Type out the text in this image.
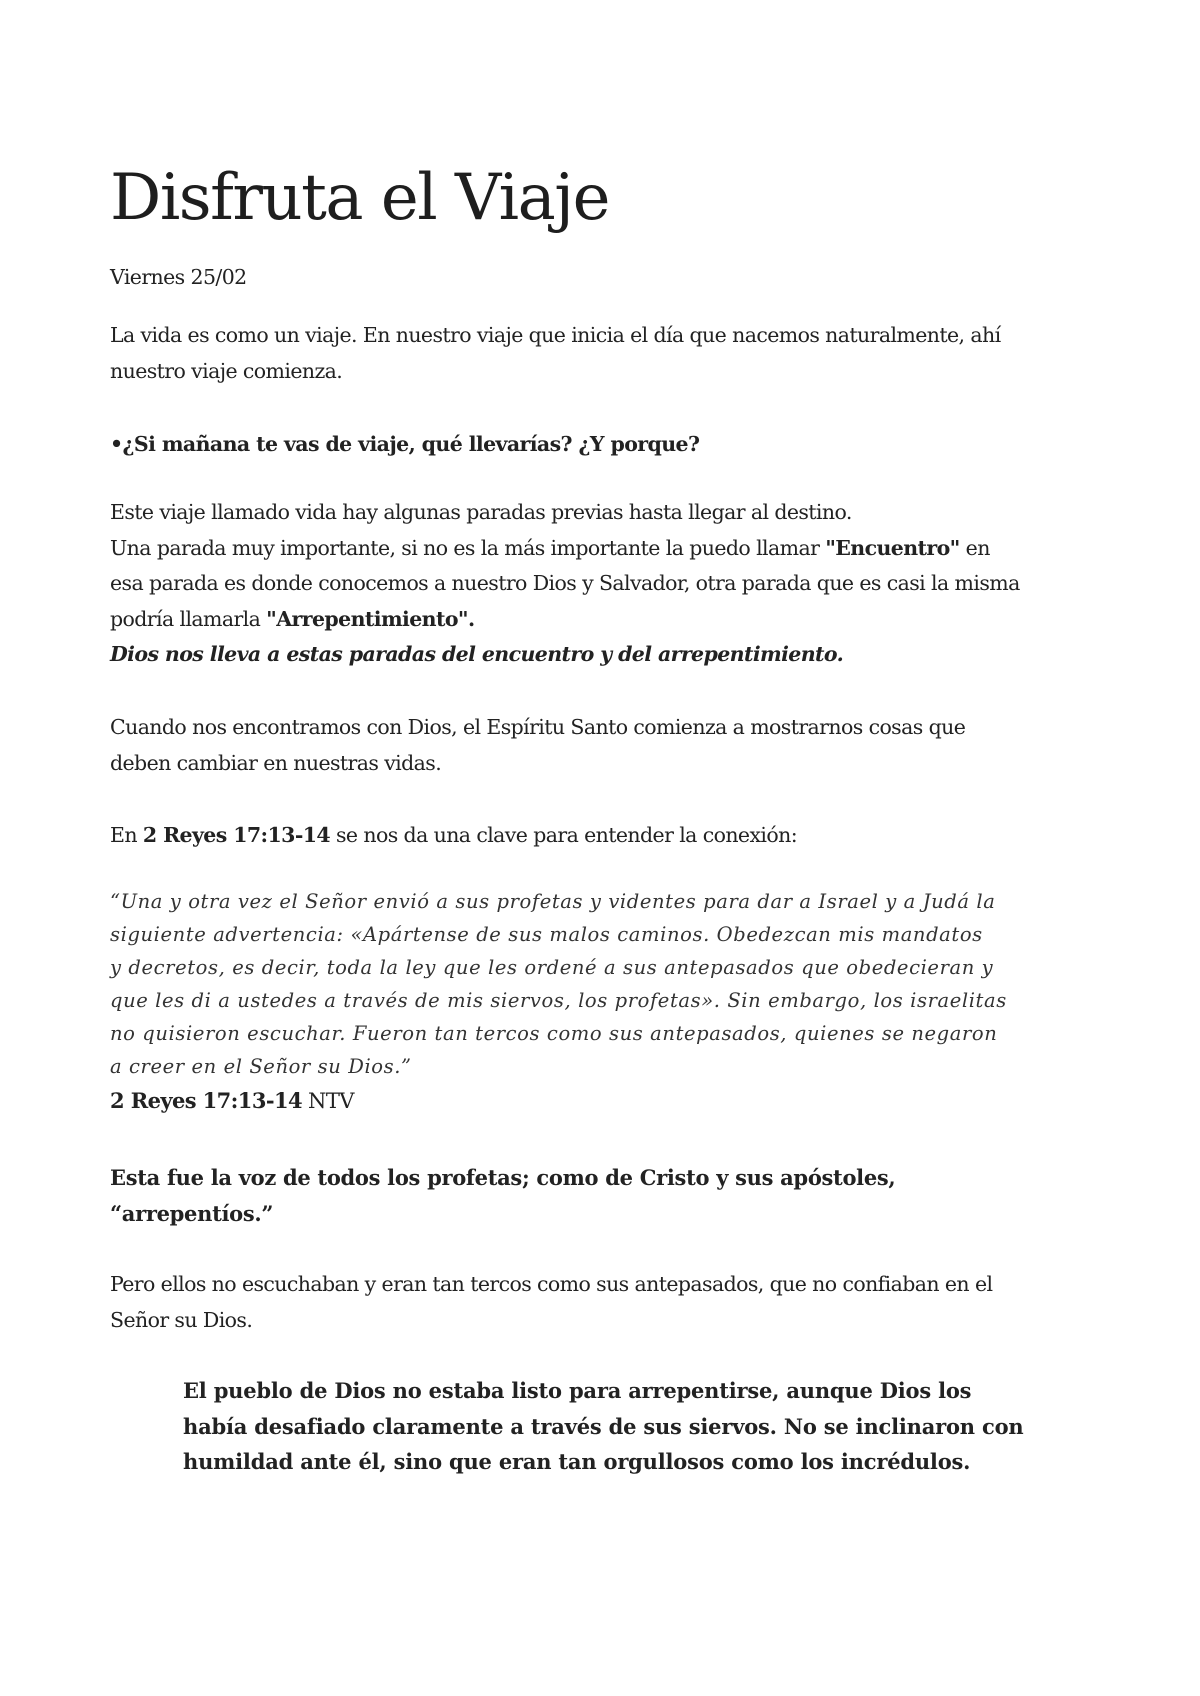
Disfruta el Viaje

Viernes 25/02

La vida es como un viaje. En nuestro viaje que inicia el día que nacemos naturalmente, ahí
nuestro viaje comienza.

•¿Si mañana te vas de viaje, qué llevarías? ¿Y porque?

Este viaje llamado vida hay algunas paradas previas hasta llegar al destino.
Una parada muy importante, si no es la más importante la puedo llamar "Encuentro" en
esa parada es donde conocemos a nuestro Dios y Salvador, otra parada que es casi la misma
podría llamarla "Arrepentimiento".
Dios nos lleva a estas paradas del encuentro y del arrepentimiento.

Cuando nos encontramos con Dios, el Espíritu Santo comienza a mostrarnos cosas que
deben cambiar en nuestras vidas.

En 2 Reyes 17:13-14 se nos da una clave para entender la conexión:

“Una y otra vez el Señor envió a sus profetas y videntes para dar a Israel y a Judá la
siguiente advertencia: «Apártense de sus malos caminos. Obedezcan mis mandatos
y decretos, es decir, toda la ley que les ordené a sus antepasados que obedecieran y
que les di a ustedes a través de mis siervos, los profetas». Sin embargo, los israelitas
no quisieron escuchar. Fueron tan tercos como sus antepasados, quienes se negaron
a creer en el Señor su Dios.”

2 Reyes 17:13-14 NTV

Esta fue la voz de todos los profetas; como de Cristo y sus apóstoles,
“arrepentíos.”

Pero ellos no escuchaban y eran tan tercos como sus antepasados, que no confiaban en el
Señor su Dios.

El pueblo de Dios no estaba listo para arrepentirse, aunque Dios los
había desafiado claramente a través de sus siervos. No se inclinaron con
humildad ante él, sino que eran tan orgullosos como los incrédulos.
